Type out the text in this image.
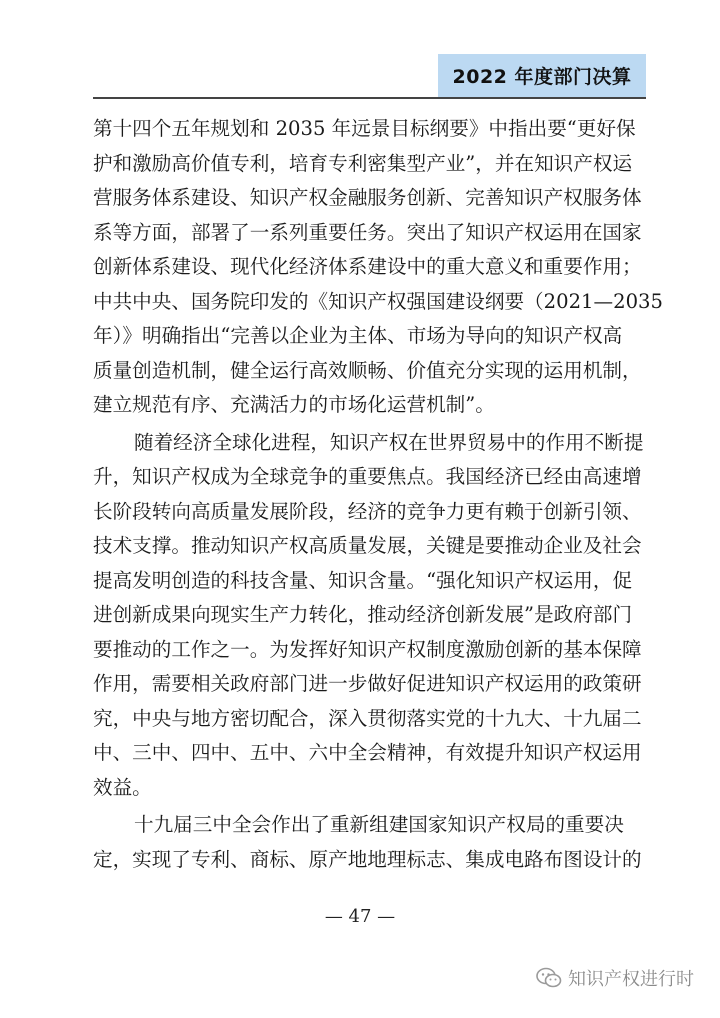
2022 年度部门决算
第十四个五年规划和 2035 年远景目标纲要》中指出要“更好保
护和激励高价值专利，培育专利密集型产业”，并在知识产权运
营服务体系建设、知识产权金融服务创新、完善知识产权服务体
系等方面，部署了一系列重要任务。突出了知识产权运用在国家
创新体系建设、现代化经济体系建设中的重大意义和重要作用；
中共中央、国务院印发的《知识产权强国建设纲要（2021—2035
年）》明确指出“完善以企业为主体、市场为导向的知识产权高
质量创造机制，健全运行高效顺畅、价值充分实现的运用机制，
建立规范有序、充满活力的市场化运营机制”。
随着经济全球化进程，知识产权在世界贸易中的作用不断提
升，知识产权成为全球竞争的重要焦点。我国经济已经由高速增
长阶段转向高质量发展阶段，经济的竞争力更有赖于创新引领、
技术支撑。推动知识产权高质量发展，关键是要推动企业及社会
提高发明创造的科技含量、知识含量。“强化知识产权运用，促
进创新成果向现实生产力转化，推动经济创新发展”是政府部门
要推动的工作之一。为发挥好知识产权制度激励创新的基本保障
作用，需要相关政府部门进一步做好促进知识产权运用的政策研
究，中央与地方密切配合，深入贯彻落实党的十九大、十九届二
中、三中、四中、五中、六中全会精神，有效提升知识产权运用
效益。
十九届三中全会作出了重新组建国家知识产权局的重要决
定，实现了专利、商标、原产地地理标志、集成电路布图设计的
— 47 —
知识产权进行时
